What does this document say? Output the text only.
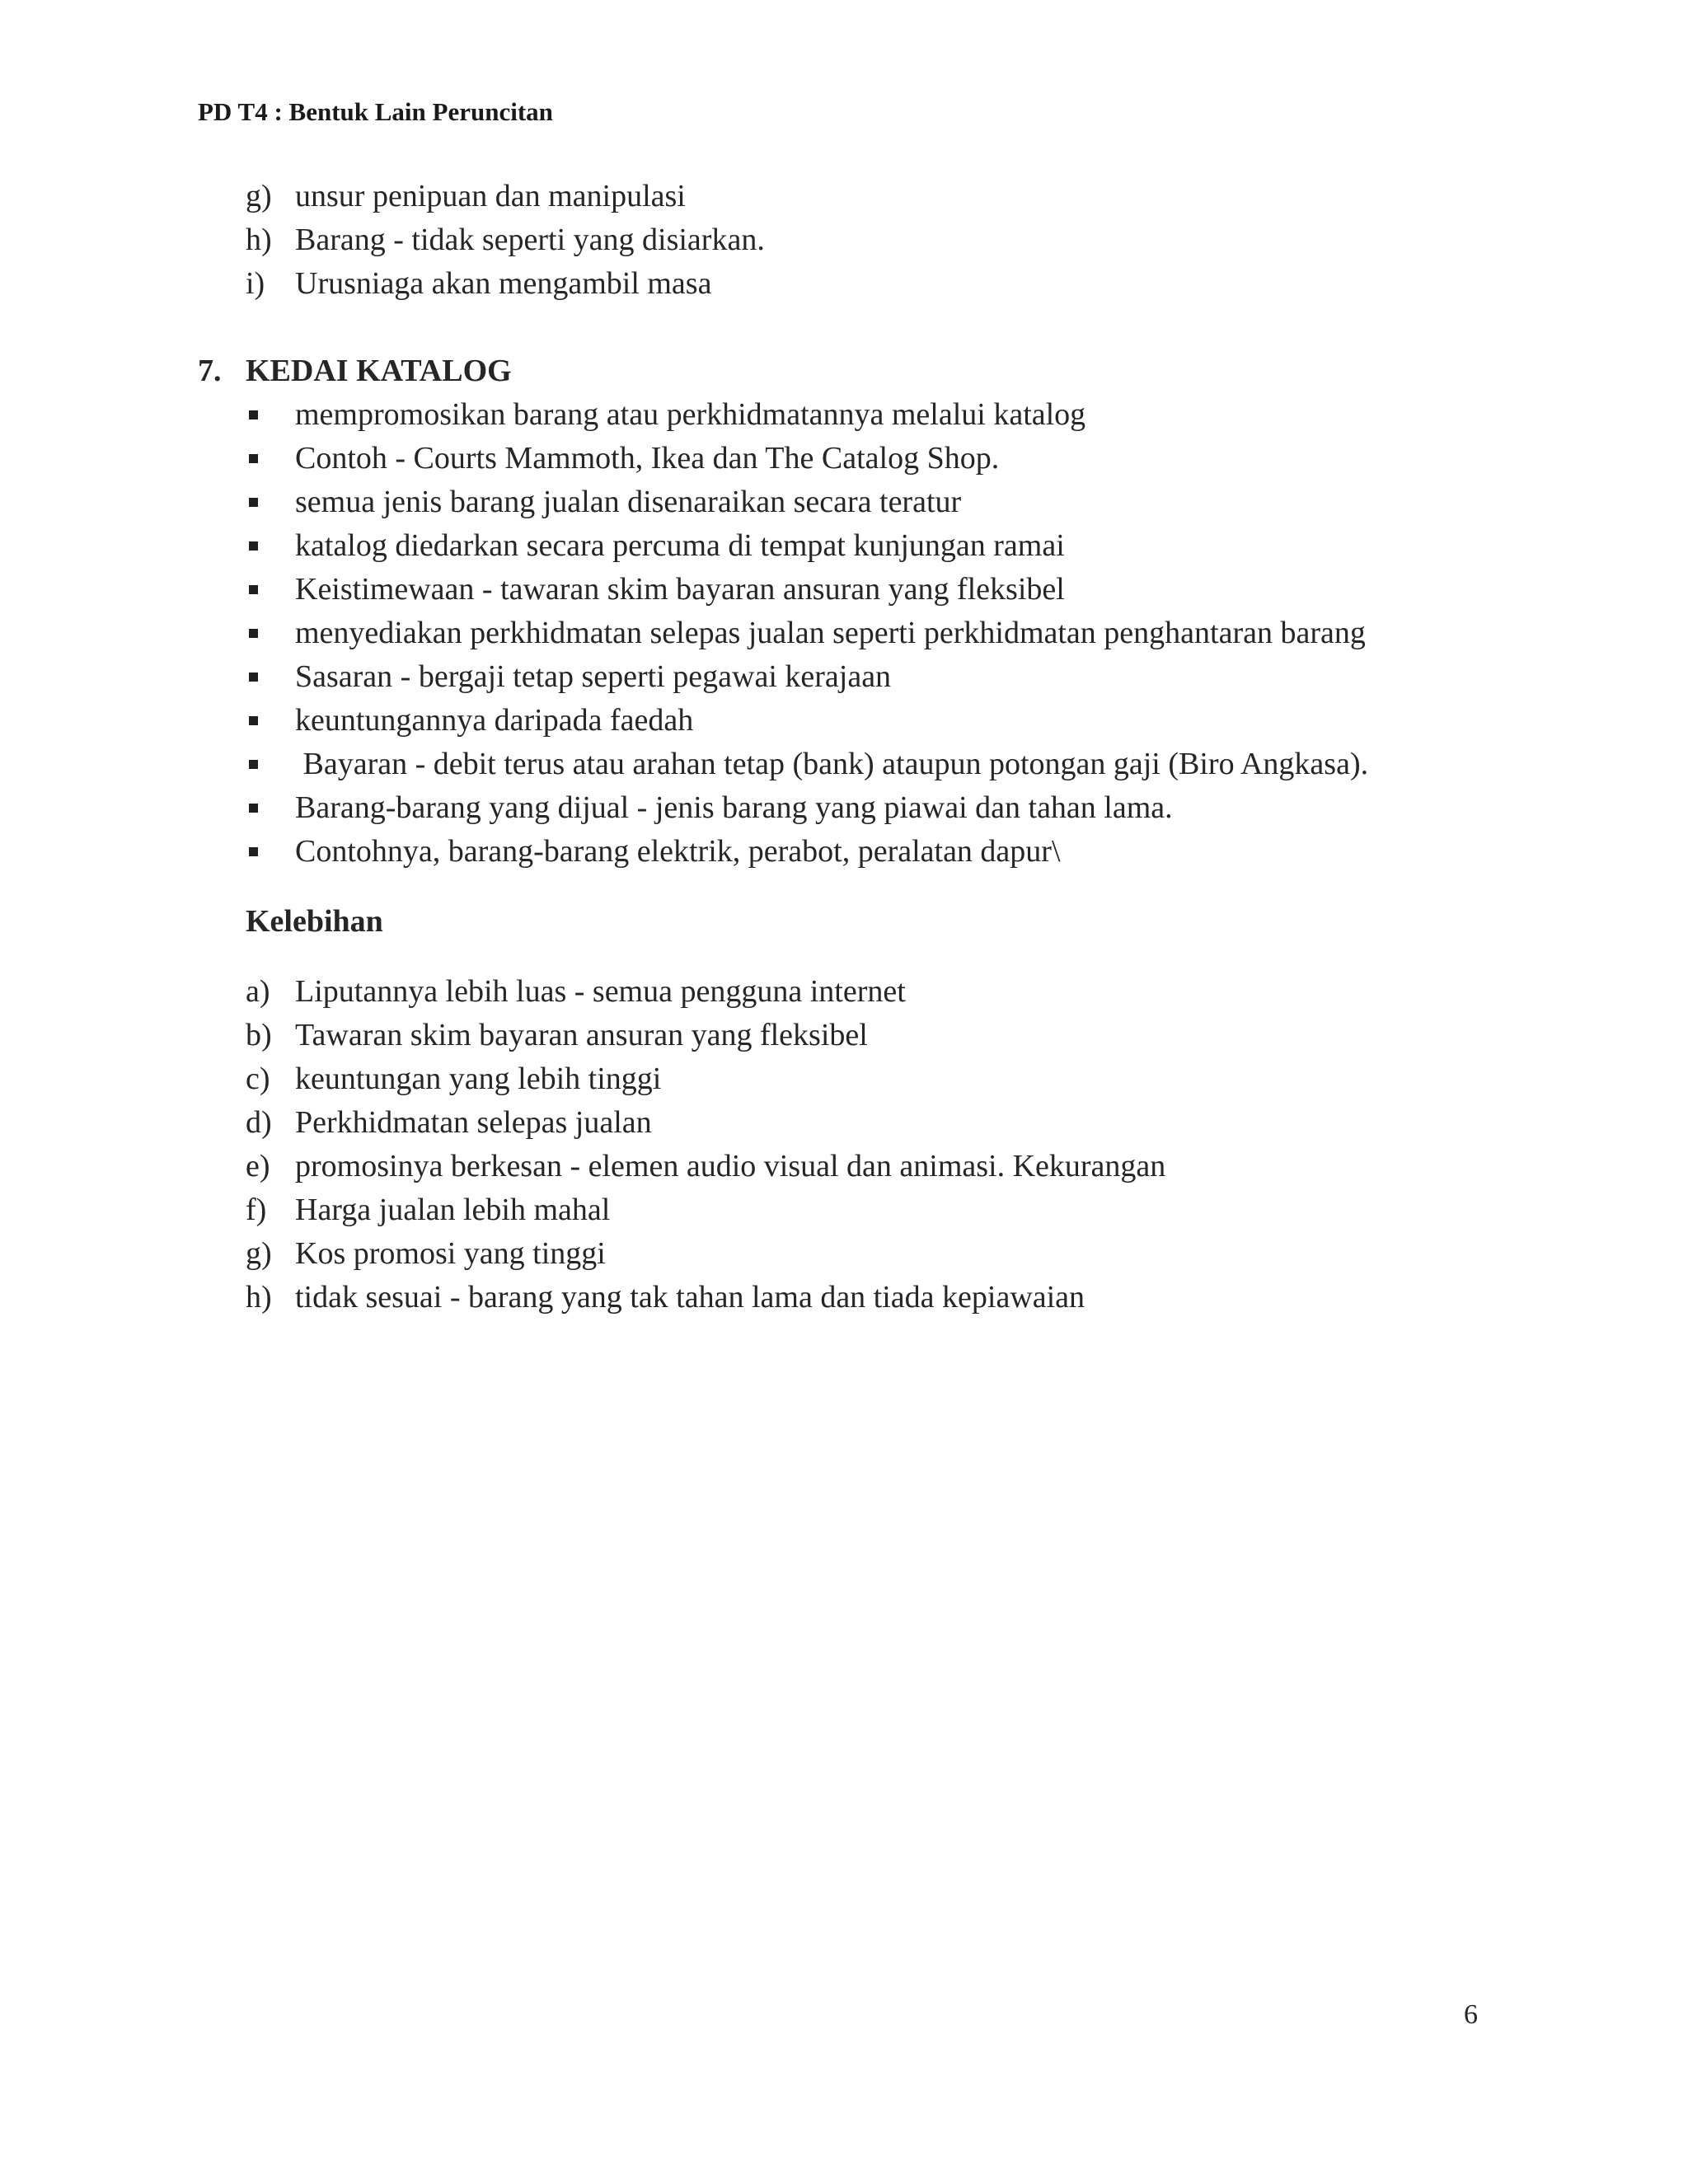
PD T4 : Bentuk Lain Peruncitan
g) unsur penipuan dan manipulasi
h) Barang - tidak seperti yang disiarkan.
i) Urusniaga akan mengambil masa
7. KEDAI KATALOG
mempromosikan barang atau perkhidmatannya melalui katalog
Contoh - Courts Mammoth, Ikea dan The Catalog Shop.
semua jenis barang jualan disenaraikan secara teratur
katalog diedarkan secara percuma di tempat kunjungan ramai
Keistimewaan - tawaran skim bayaran ansuran yang fleksibel
menyediakan perkhidmatan selepas jualan seperti perkhidmatan penghantaran barang
Sasaran - bergaji tetap seperti pegawai kerajaan
keuntungannya daripada faedah
Bayaran - debit terus atau arahan tetap (bank) ataupun potongan gaji (Biro Angkasa).
Barang-barang yang dijual - jenis barang yang piawai dan tahan lama.
Contohnya, barang-barang elektrik, perabot, peralatan dapur\
Kelebihan
a) Liputannya lebih luas - semua pengguna internet
b) Tawaran skim bayaran ansuran yang fleksibel
c) keuntungan yang lebih tinggi
d) Perkhidmatan selepas jualan
e) promosinya berkesan - elemen audio visual dan animasi. Kekurangan
f) Harga jualan lebih mahal
g) Kos promosi yang tinggi
h) tidak sesuai - barang yang tak tahan lama dan tiada kepiawaian
6
